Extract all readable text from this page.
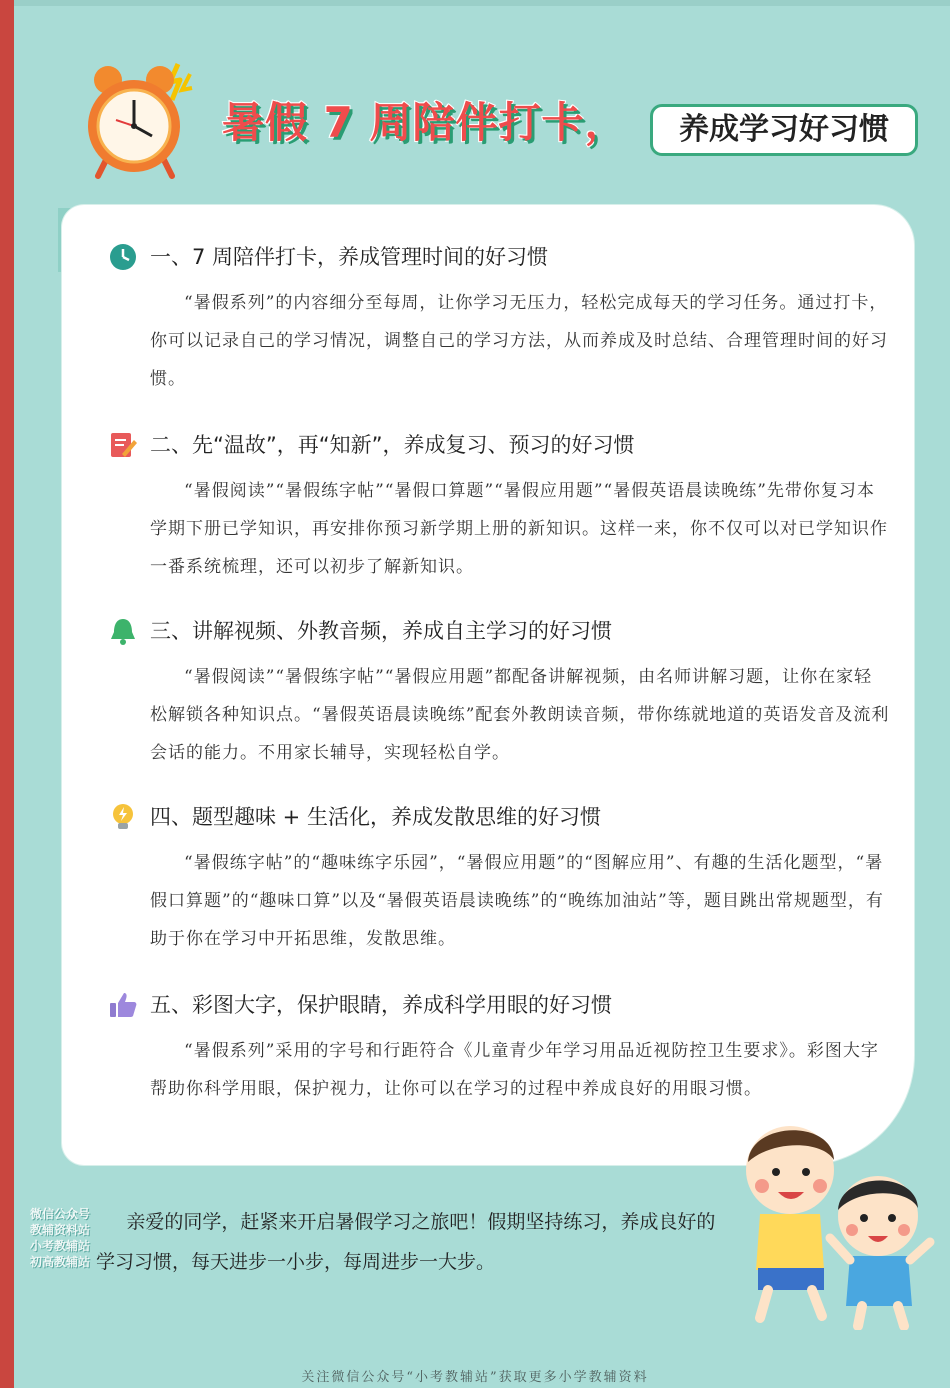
暑假 7 周陪伴打卡，	养成学习好习惯
一、7 周陪伴打卡，养成管理时间的好习惯
“暑假系列”的内容细分至每周，让你学习无压力，轻松完成每天的学习任务。通过打卡，你可以记录自己的学习情况，调整自己的学习方法，从而养成及时总结、合理管理时间的好习惯。
二、先“温故”，再“知新”，养成复习、预习的好习惯
“暑假阅读”“暑假练字帖”“暑假口算题”“暑假应用题”“暑假英语晨读晚练”先带你复习本学期下册已学知识，再安排你预习新学期上册的新知识。这样一来，你不仅可以对已学知识作一番系统梳理，还可以初步了解新知识。
三、讲解视频、外教音频，养成自主学习的好习惯
“暑假阅读”“暑假练字帖”“暑假应用题”都配备讲解视频，由名师讲解习题，让你在家轻松解锁各种知识点。“暑假英语晨读晚练”配套外教朗读音频，带你练就地道的英语发音及流利会话的能力。不用家长辅导，实现轻松自学。
四、题型趣味 + 生活化，养成发散思维的好习惯
“暑假练字帖”的“趣味练字乐园”，“暑假应用题”的“图解应用”、有趣的生活化题型，“暑假口算题”的“趣味口算”以及“暑假英语晨读晚练”的“晚练加油站”等，题目跳出常规题型，有助于你在学习中开拓思维，发散思维。
五、彩图大字，保护眼睛，养成科学用眼的好习惯
“暑假系列”采用的字号和行距符合《儿童青少年学习用品近视防控卫生要求》。彩图大字帮助你科学用眼，保护视力，让你可以在学习的过程中养成良好的用眼习惯。
微信公众号
教辅资料站
小考教辅站
初高教辅站
亲爱的同学，赶紧来开启暑假学习之旅吧！假期坚持练习，养成良好的学习习惯，每天进步一小步，每周进步一大步。
关注微信公众号“小考教辅站”获取更多小学教辅资料
